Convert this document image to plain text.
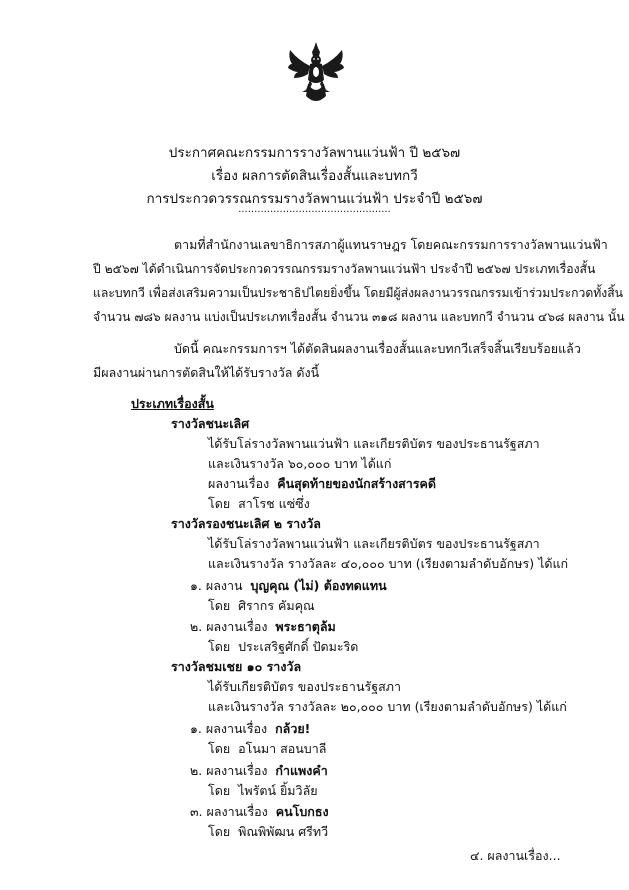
ประกาศคณะกรรมการรางวัลพานแว่นฟ้า ปี ๒๕๖๗
เรื่อง ผลการตัดสินเรื่องสั้นและบทกวี
การประกวดวรรณกรรมรางวัลพานแว่นฟ้า ประจำปี ๒๕๖๗
................................................
ตามที่สำนักงานเลขาธิการสภาผู้แทนราษฎร โดยคณะกรรมการรางวัลพานแว่นฟ้า
ปี ๒๕๖๗ ได้ดำเนินการจัดประกวดวรรณกรรมรางวัลพานแว่นฟ้า ประจำปี ๒๕๖๗ ประเภทเรื่องสั้น
และบทกวี เพื่อส่งเสริมความเป็นประชาธิปไตยยิ่งขึ้น โดยมีผู้ส่งผลงานวรรณกรรมเข้าร่วมประกวดทั้งสิ้น
จำนวน ๗๘๖ ผลงาน แบ่งเป็นประเภทเรื่องสั้น จำนวน ๓๑๘ ผลงาน และบทกวี จำนวน ๔๖๘ ผลงาน นั้น
บัดนี้ คณะกรรมการฯ ได้ตัดสินผลงานเรื่องสั้นและบทกวีเสร็จสิ้นเรียบร้อยแล้ว
มีผลงานผ่านการตัดสินให้ได้รับรางวัล ดังนี้
ประเภทเรื่องสั้น
รางวัลชนะเลิศ
ได้รับโล่รางวัลพานแว่นฟ้า และเกียรติบัตร ของประธานรัฐสภา
และเงินรางวัล ๖๐,๐๐๐ บาท ได้แก่
ผลงานเรื่อง คืนสุดท้ายของนักสร้างสารคดี
โดย สาโรช แซ่ซึ่ง
รางวัลรองชนะเลิศ ๒ รางวัล
ได้รับโล่รางวัลพานแว่นฟ้า และเกียรติบัตร ของประธานรัฐสภา
และเงินรางวัล รางวัลละ ๔๐,๐๐๐ บาท (เรียงตามลำดับอักษร) ได้แก่
๑. ผลงาน บุญคุณ (ไม่) ต้องทดแทน
โดย ศิรากร คัมคุณ
๒. ผลงานเรื่อง พระธาตุล้ม
โดย ประเสริฐศักดิ์ ปัดมะริด
รางวัลชมเชย ๑๐ รางวัล
ได้รับเกียรติบัตร ของประธานรัฐสภา
และเงินรางวัล รางวัลละ ๒๐,๐๐๐ บาท (เรียงตามลำดับอักษร) ได้แก่
๑. ผลงานเรื่อง กล้วย!
โดย อโนมา สอนบาลี
๒. ผลงานเรื่อง กำแพงคำ
โดย ไพรัตน์ ยิ้มวิลัย
๓. ผลงานเรื่อง คนโบกธง
โดย พิณพิพัฒน ศรีทวี
๔. ผลงานเรื่อง...
